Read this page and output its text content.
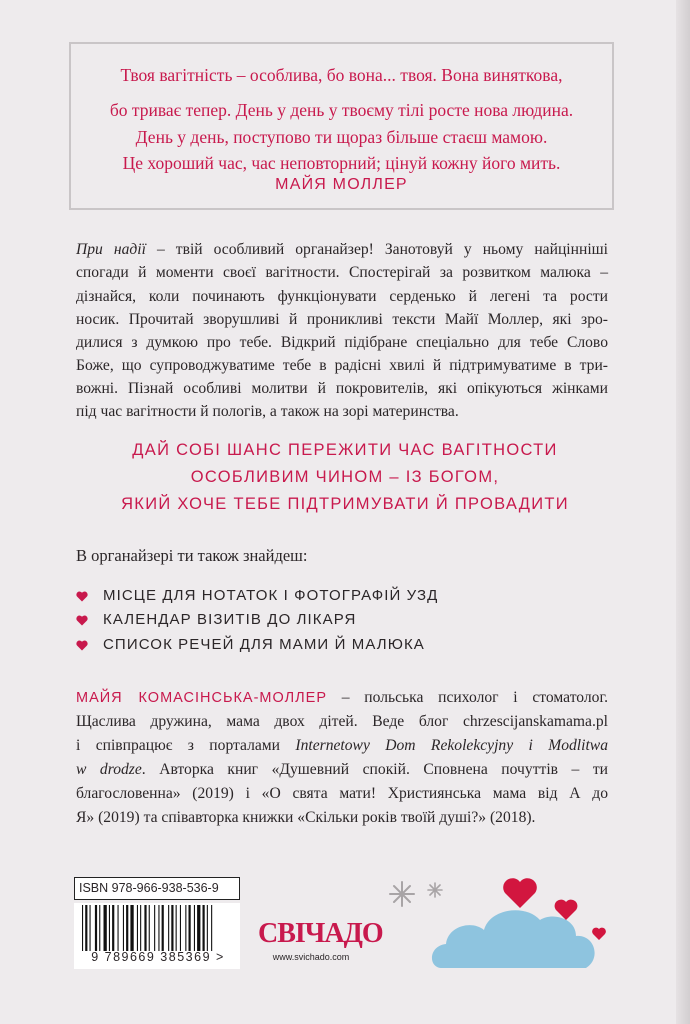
Твоя вагітність – особлива, бо вона... твоя. Вона виняткова,
бо триває тепер. День у день у твоєму тілі росте нова людина.
День у день, поступово ти щораз більше стаєш мамою.
Це хороший час, час неповторний; цінуй кожну його мить.
МАЙЯ МОЛЛЕР
При надії – твій особливий органайзер! Занотовуй у ньому найцінніші
спогади й моменти своєї вагітности. Спостерігай за розвитком малюка –
дізнайся, коли починають функціонувати серденько й легені та рости
носик. Прочитай зворушливі й проникливі тексти Майї Моллер, які зро-
дилися з думкою про тебе. Відкрий підібране спеціально для тебе Слово
Боже, що супроводжуватиме тебе в радісні хвилі й підтримуватиме в три-
вожні. Пізнай особливі молитви й покровителів, які опікуються жінками
під час вагітности й пологів, а також на зорі материнства.
ДАЙ СОБІ ШАНС ПЕРЕЖИТИ ЧАС ВАГІТНОСТИ
ОСОБЛИВИМ ЧИНОМ – ІЗ БОГОМ,
ЯКИЙ ХОЧЕ ТЕБЕ ПІДТРИМУВАТИ Й ПРОВАДИТИ
В органайзері ти також знайдеш:
МІСЦЕ ДЛЯ НОТАТОК І ФОТОГРАФІЙ УЗД
КАЛЕНДАР ВІЗИТІВ ДО ЛІКАРЯ
СПИСОК РЕЧЕЙ ДЛЯ МАМИ Й МАЛЮКА
МАЙЯ КОМАСІНСЬКА-МОЛЛЕР – польська психолог і стоматолог.
Щаслива дружина, мама двох дітей. Веде блог chrzescijanskamama.pl
і співпрацює з порталами Internetowy Dom Rekolekcyjny i Modlitwa
w drodze. Авторка книг «Душевний спокій. Сповнена почуттів – ти
благословенна» (2019) і «О свята мати! Християнська мама від А до
Я» (2019) та співавторка книжки «Скільки років твоїй душі?» (2018).
ISBN 978-966-938-536-9
9 789669 385369 >
СВІЧАДО
www.svichado.com
